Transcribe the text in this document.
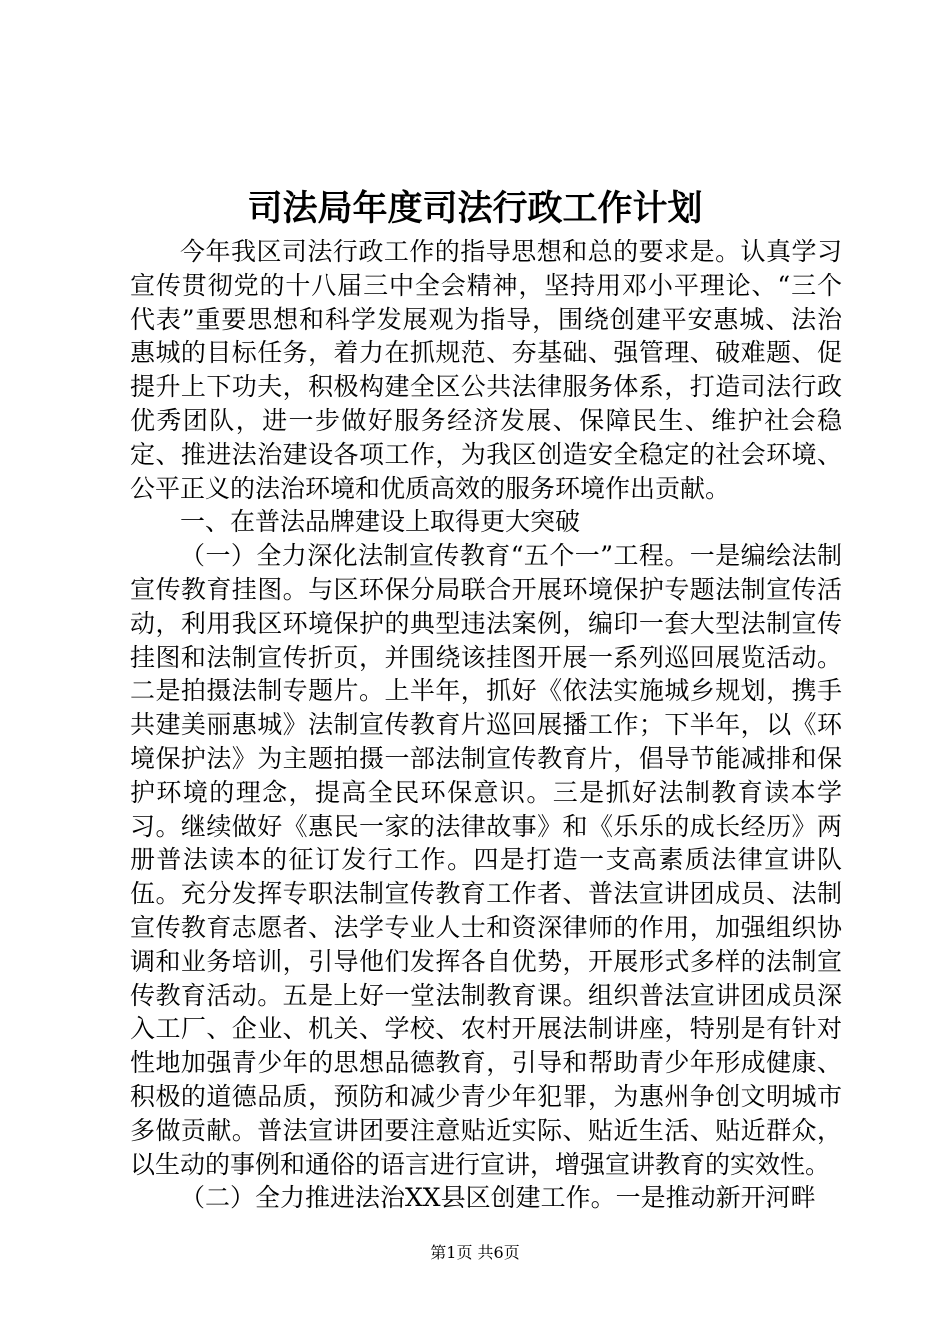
司法局年度司法行政工作计划

今年我区司法行政工作的指导思想和总的要求是。认真学习宣传贯彻党的十八届三中全会精神，坚持用邓小平理论、“三个代表”重要思想和科学发展观为指导，围绕创建平安惠城、法治惠城的目标任务，着力在抓规范、夯基础、强管理、破难题、促提升上下功夫，积极构建全区公共法律服务体系，打造司法行政优秀团队，进一步做好服务经济发展、保障民生、维护社会稳定、推进法治建设各项工作，为我区创造安全稳定的社会环境、公平正义的法治环境和优质高效的服务环境作出贡献。

一、在普法品牌建设上取得更大突破

（一）全力深化法制宣传教育“五个一”工程。一是编绘法制宣传教育挂图。与区环保分局联合开展环境保护专题法制宣传活动，利用我区环境保护的典型违法案例，编印一套大型法制宣传挂图和法制宣传折页，并围绕该挂图开展一系列巡回展览活动。二是拍摄法制专题片。上半年，抓好《依法实施城乡规划，携手共建美丽惠城》法制宣传教育片巡回展播工作；下半年，以《环境保护法》为主题拍摄一部法制宣传教育片，倡导节能减排和保护环境的理念，提高全民环保意识。三是抓好法制教育读本学习。继续做好《惠民一家的法律故事》和《乐乐的成长经历》两册普法读本的征订发行工作。四是打造一支高素质法律宣讲队伍。充分发挥专职法制宣传教育工作者、普法宣讲团成员、法制宣传教育志愿者、法学专业人士和资深律师的作用，加强组织协调和业务培训，引导他们发挥各自优势，开展形式多样的法制宣传教育活动。五是上好一堂法制教育课。组织普法宣讲团成员深入工厂、企业、机关、学校、农村开展法制讲座，特别是有针对性地加强青少年的思想品德教育，引导和帮助青少年形成健康、积极的道德品质，预防和减少青少年犯罪，为惠州争创文明城市多做贡献。普法宣讲团要注意贴近实际、贴近生活、贴近群众，以生动的事例和通俗的语言进行宣讲，增强宣讲教育的实效性。

（二）全力推进法治XX县区创建工作。一是推动新开河畔

第1页 共6页
